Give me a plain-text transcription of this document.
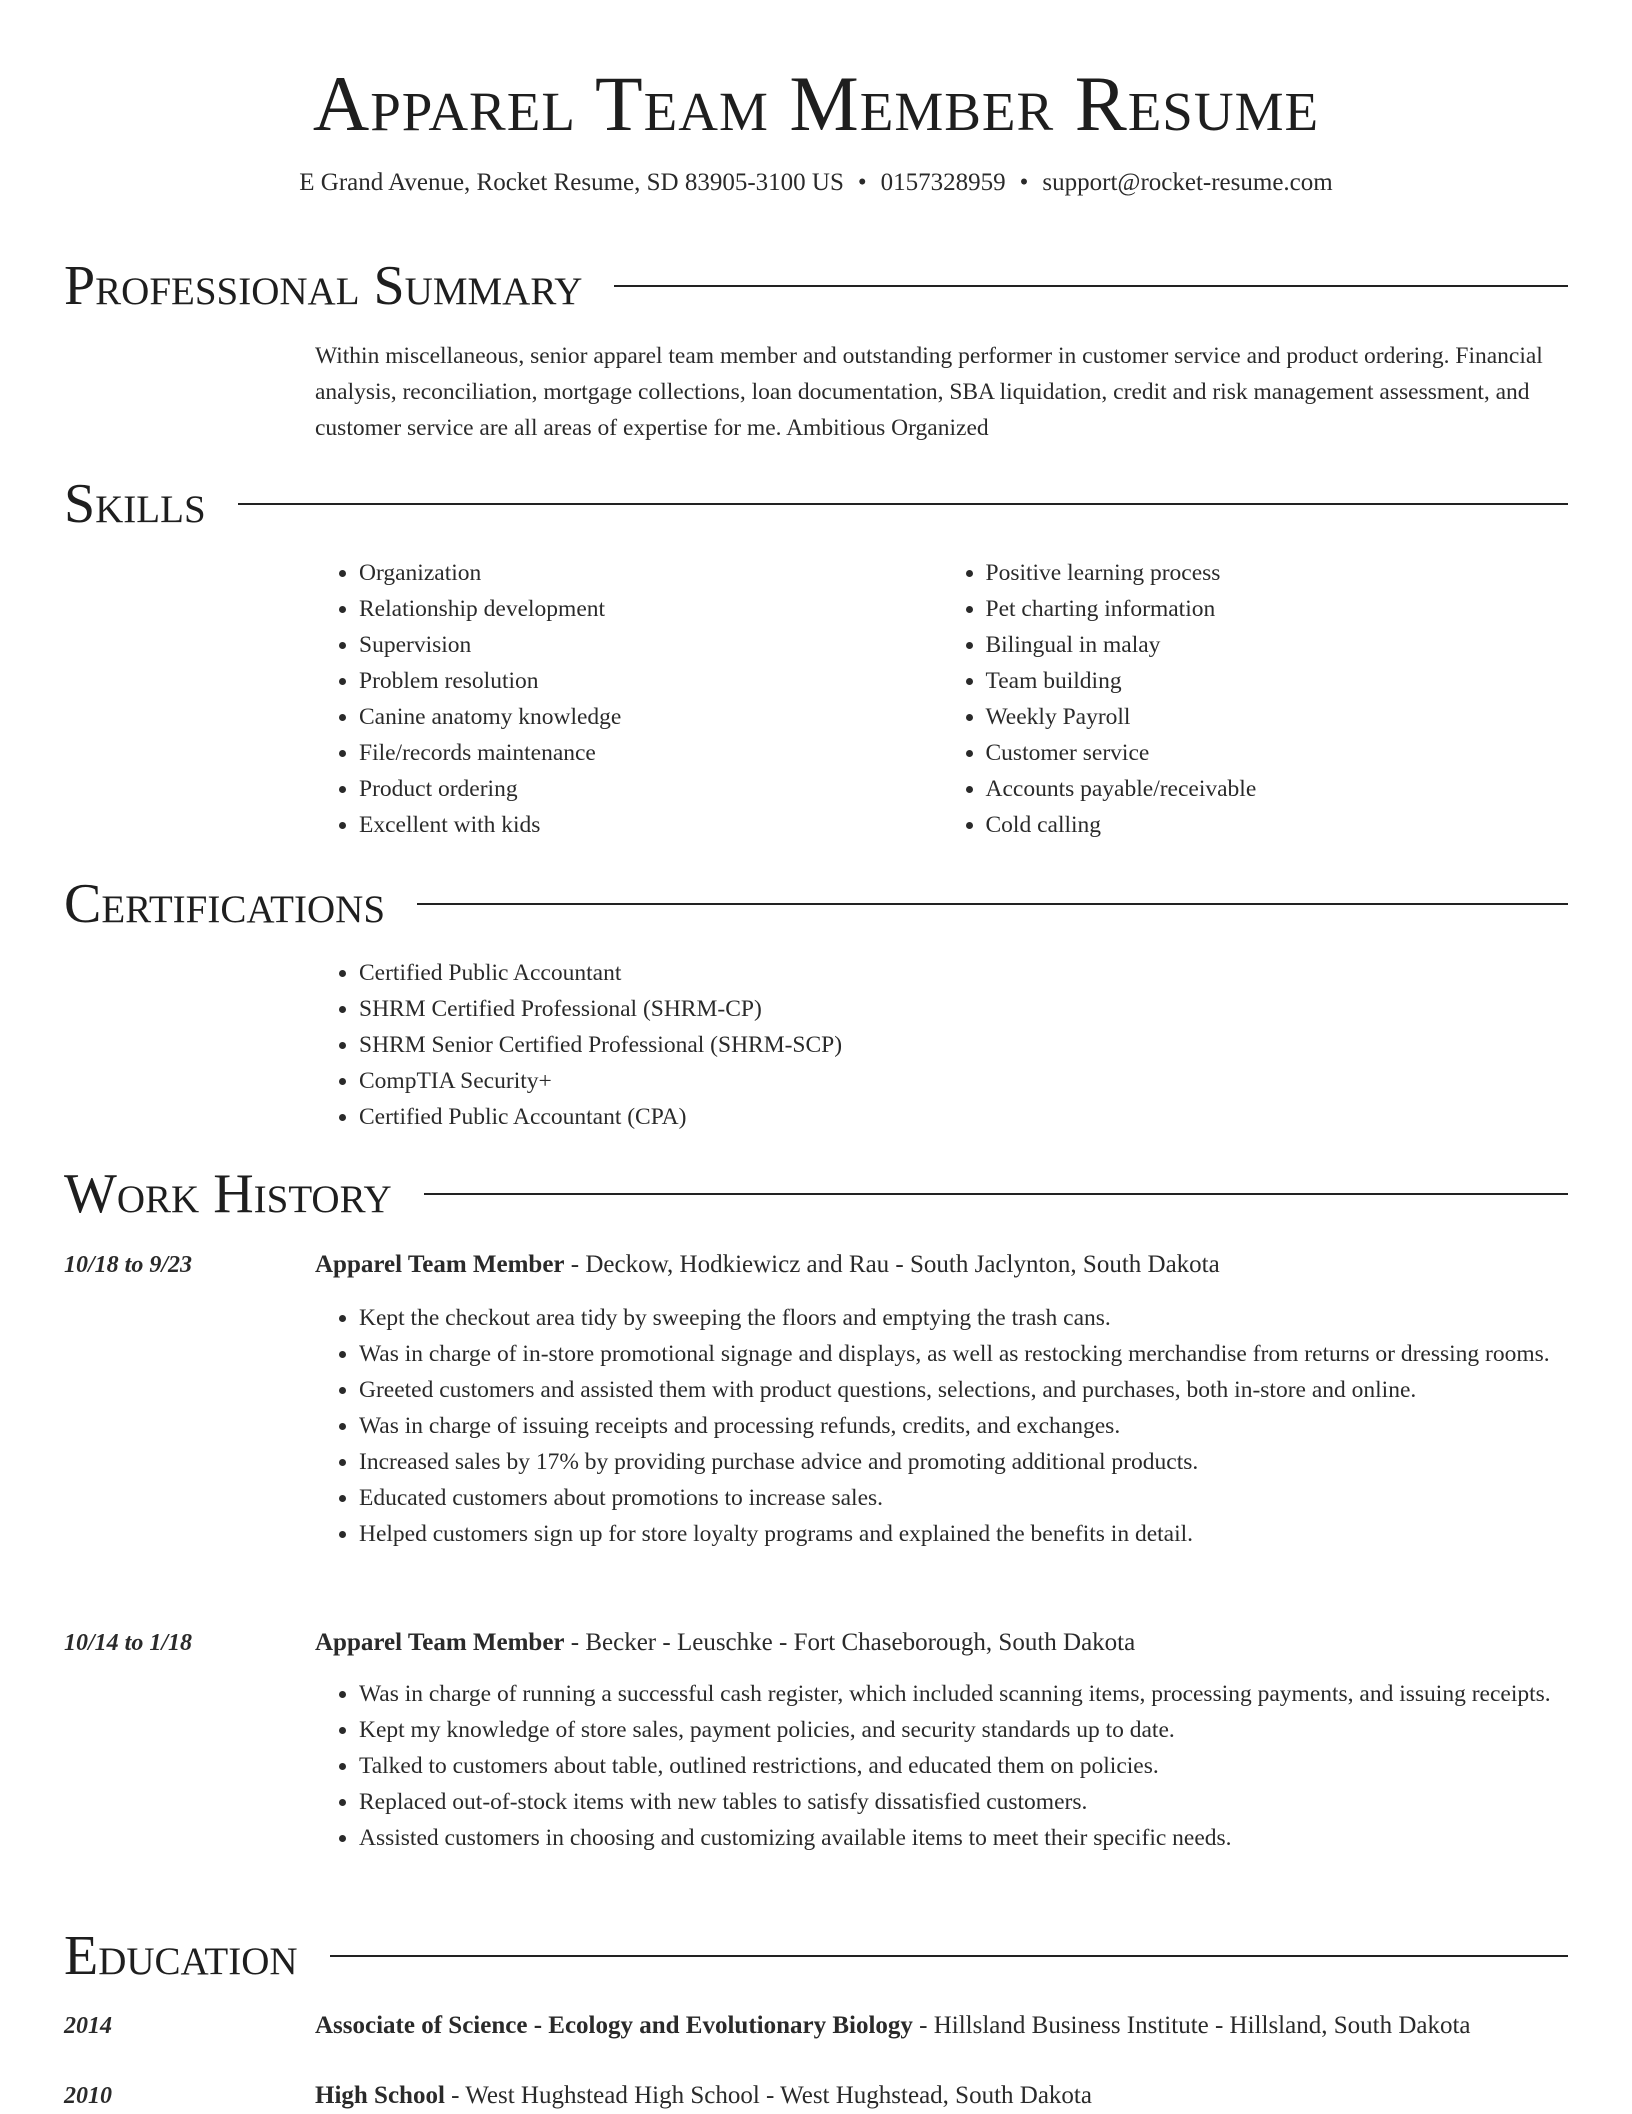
Apparel Team Member Resume
E Grand Avenue, Rocket Resume, SD 83905-3100 US • 0157328959 • support@rocket-resume.com
Professional Summary
Within miscellaneous, senior apparel team member and outstanding performer in customer service and product ordering. Financial analysis, reconciliation, mortgage collections, loan documentation, SBA liquidation, credit and risk management assessment, and customer service are all areas of expertise for me. Ambitious Organized
Skills
• Organization
• Relationship development
• Supervision
• Problem resolution
• Canine anatomy knowledge
• File/records maintenance
• Product ordering
• Excellent with kids
• Positive learning process
• Pet charting information
• Bilingual in malay
• Team building
• Weekly Payroll
• Customer service
• Accounts payable/receivable
• Cold calling
Certifications
• Certified Public Accountant
• SHRM Certified Professional (SHRM-CP)
• SHRM Senior Certified Professional (SHRM-SCP)
• CompTIA Security+
• Certified Public Accountant (CPA)
Work History
10/18 to 9/23	Apparel Team Member - Deckow, Hodkiewicz and Rau - South Jaclynton, South Dakota
• Kept the checkout area tidy by sweeping the floors and emptying the trash cans.
• Was in charge of in-store promotional signage and displays, as well as restocking merchandise from returns or dressing rooms.
• Greeted customers and assisted them with product questions, selections, and purchases, both in-store and online.
• Was in charge of issuing receipts and processing refunds, credits, and exchanges.
• Increased sales by 17% by providing purchase advice and promoting additional products.
• Educated customers about promotions to increase sales.
• Helped customers sign up for store loyalty programs and explained the benefits in detail.
10/14 to 1/18	Apparel Team Member - Becker - Leuschke - Fort Chaseborough, South Dakota
• Was in charge of running a successful cash register, which included scanning items, processing payments, and issuing receipts.
• Kept my knowledge of store sales, payment policies, and security standards up to date.
• Talked to customers about table, outlined restrictions, and educated them on policies.
• Replaced out-of-stock items with new tables to satisfy dissatisfied customers.
• Assisted customers in choosing and customizing available items to meet their specific needs.
Education
2014	Associate of Science - Ecology and Evolutionary Biology - Hillsland Business Institute - Hillsland, South Dakota
2010	High School - West Hughstead High School - West Hughstead, South Dakota
